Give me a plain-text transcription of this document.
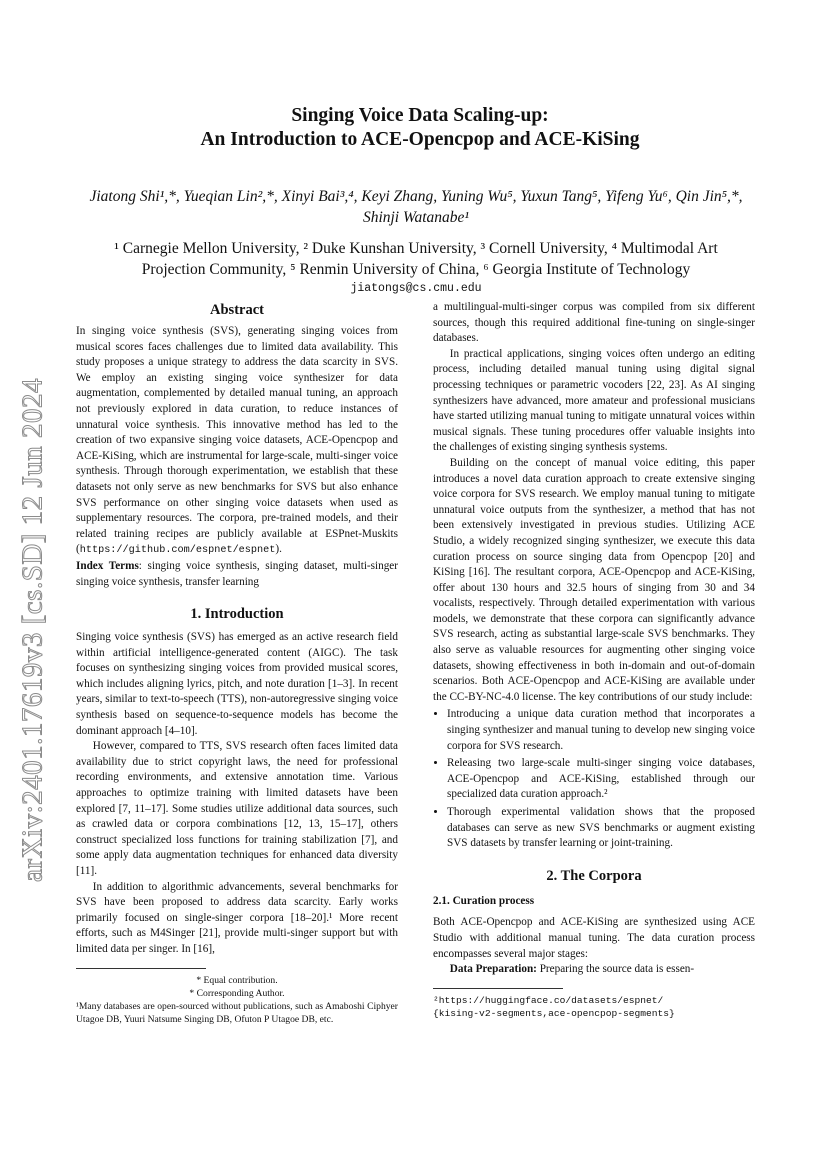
arXiv:2401.17619v3 [cs.SD] 12 Jun 2024
Singing Voice Data Scaling-up:
An Introduction to ACE-Opencpop and ACE-KiSing

Jiatong Shi¹,*, Yueqian Lin²,*, Xinyi Bai³,⁴, Keyi Zhang, Yuning Wu⁵, Yuxun Tang⁵, Yifeng Yu⁶, Qin Jin⁵,*, Shinji Watanabe¹

¹ Carnegie Mellon University, ² Duke Kunshan University, ³ Cornell University, ⁴ Multimodal Art Projection Community, ⁵ Renmin University of China, ⁶ Georgia Institute of Technology

jiatongs@cs.cmu.edu

Abstract

In singing voice synthesis (SVS), generating singing voices from musical scores faces challenges due to limited data availability. This study proposes a unique strategy to address the data scarcity in SVS. We employ an existing singing voice synthesizer for data augmentation, complemented by detailed manual tuning, an approach not previously explored in data curation, to reduce instances of unnatural voice synthesis. This innovative method has led to the creation of two expansive singing voice datasets, ACE-Opencpop and ACE-KiSing, which are instrumental for large-scale, multi-singer voice synthesis. Through thorough experimentation, we establish that these datasets not only serve as new benchmarks for SVS but also enhance SVS performance on other singing voice datasets when used as supplementary resources. The corpora, pre-trained models, and their related training recipes are publicly available at ESPnet-Muskits (https://github.com/espnet/espnet).

Index Terms: singing voice synthesis, singing dataset, multi-singer singing voice synthesis, transfer learning

1. Introduction

Singing voice synthesis (SVS) has emerged as an active research field within artificial intelligence-generated content (AIGC). The task focuses on synthesizing singing voices from provided musical scores, which includes aligning lyrics, pitch, and note duration [1–3]. In recent years, similar to text-to-speech (TTS), non-autoregressive singing voice synthesis based on sequence-to-sequence models has become the dominant approach [4–10].

However, compared to TTS, SVS research often faces limited data availability due to strict copyright laws, the need for professional recording environments, and extensive annotation time. Various approaches to optimize training with limited datasets have been explored [7, 11–17]. Some studies utilize additional data sources, such as crawled data or corpora combinations [12, 13, 15–17], others construct specialized loss functions for training stabilization [7], and some apply data augmentation techniques for enhanced data diversity [11].

In addition to algorithmic advancements, several benchmarks for SVS have been proposed to address data scarcity. Early works primarily focused on single-singer corpora [18–20].¹ More recent efforts, such as M4Singer [21], provide multi-singer support but with limited data per singer. In [16],

* Equal contribution.

* Corresponding Author.

¹Many databases are open-sourced without publications, such as Amaboshi Ciphyer Utagoe DB, Yuuri Natsume Singing DB, Ofuton P Utagoe DB, etc.

a multilingual-multi-singer corpus was compiled from six different sources, though this required additional fine-tuning on single-singer databases.

In practical applications, singing voices often undergo an editing process, including detailed manual tuning using digital signal processing techniques or parametric vocoders [22, 23]. As AI singing synthesizers have advanced, more amateur and professional musicians have started utilizing manual tuning to mitigate unnatural voices within musical signals. These tuning procedures offer valuable insights into the challenges of existing singing synthesis systems.

Building on the concept of manual voice editing, this paper introduces a novel data curation approach to create extensive singing voice corpora for SVS research. We employ manual tuning to mitigate unnatural voice outputs from the synthesizer, a method that has not been extensively investigated in previous studies. Utilizing ACE Studio, a widely recognized singing synthesizer, we execute this data curation process on source singing data from Opencpop [20] and KiSing [16]. The resultant corpora, ACE-Opencpop and ACE-KiSing, offer about 130 hours and 32.5 hours of singing from 30 and 34 vocalists, respectively. Through detailed experimentation with various models, we demonstrate that these corpora can significantly advance SVS research, acting as substantial large-scale SVS benchmarks. They also serve as valuable resources for augmenting other singing voice datasets, showing effectiveness in both in-domain and out-of-domain scenarios. Both ACE-Opencpop and ACE-KiSing are available under the CC-BY-NC-4.0 license. The key contributions of our study include:

• Introducing a unique data curation method that incorporates a singing synthesizer and manual tuning to develop new singing voice corpora for SVS research.
• Releasing two large-scale multi-singer singing voice databases, ACE-Opencpop and ACE-KiSing, established through our specialized data curation approach.²
• Thorough experimental validation shows that the proposed databases can serve as new SVS benchmarks or augment existing SVS datasets by transfer learning or joint-training.
2. The Corpora
2.1. Curation process

Both ACE-Opencpop and ACE-KiSing are synthesized using ACE Studio with additional manual tuning. The data curation process encompasses several major stages:

Data Preparation: Preparing the source data is essen-

²https://huggingface.co/datasets/espnet/

{kising-v2-segments,ace-opencpop-segments}
